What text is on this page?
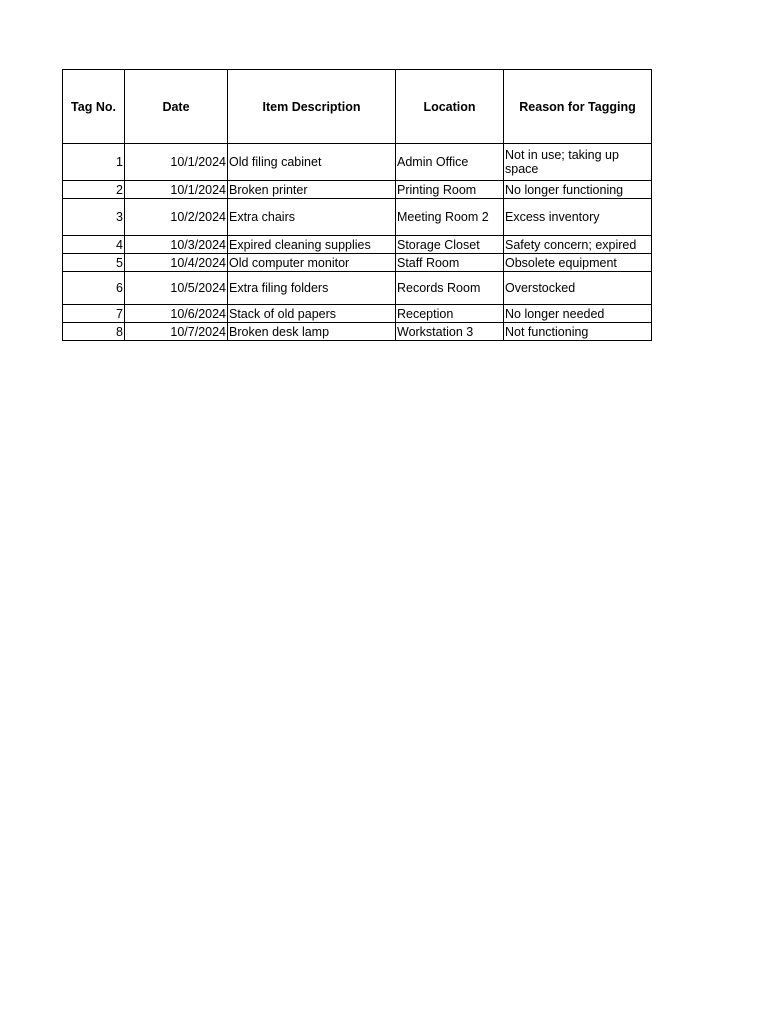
Tag No.	Date	Item Description	Location	Reason for Tagging
1	10/1/2024	Old filing cabinet	Admin Office	Not in use; taking up space
2	10/1/2024	Broken printer	Printing Room	No longer functioning
3	10/2/2024	Extra chairs	Meeting Room 2	Excess inventory
4	10/3/2024	Expired cleaning supplies	Storage Closet	Safety concern; expired
5	10/4/2024	Old computer monitor	Staff Room	Obsolete equipment
6	10/5/2024	Extra filing folders	Records Room	Overstocked
7	10/6/2024	Stack of old papers	Reception	No longer needed
8	10/7/2024	Broken desk lamp	Workstation 3	Not functioning
